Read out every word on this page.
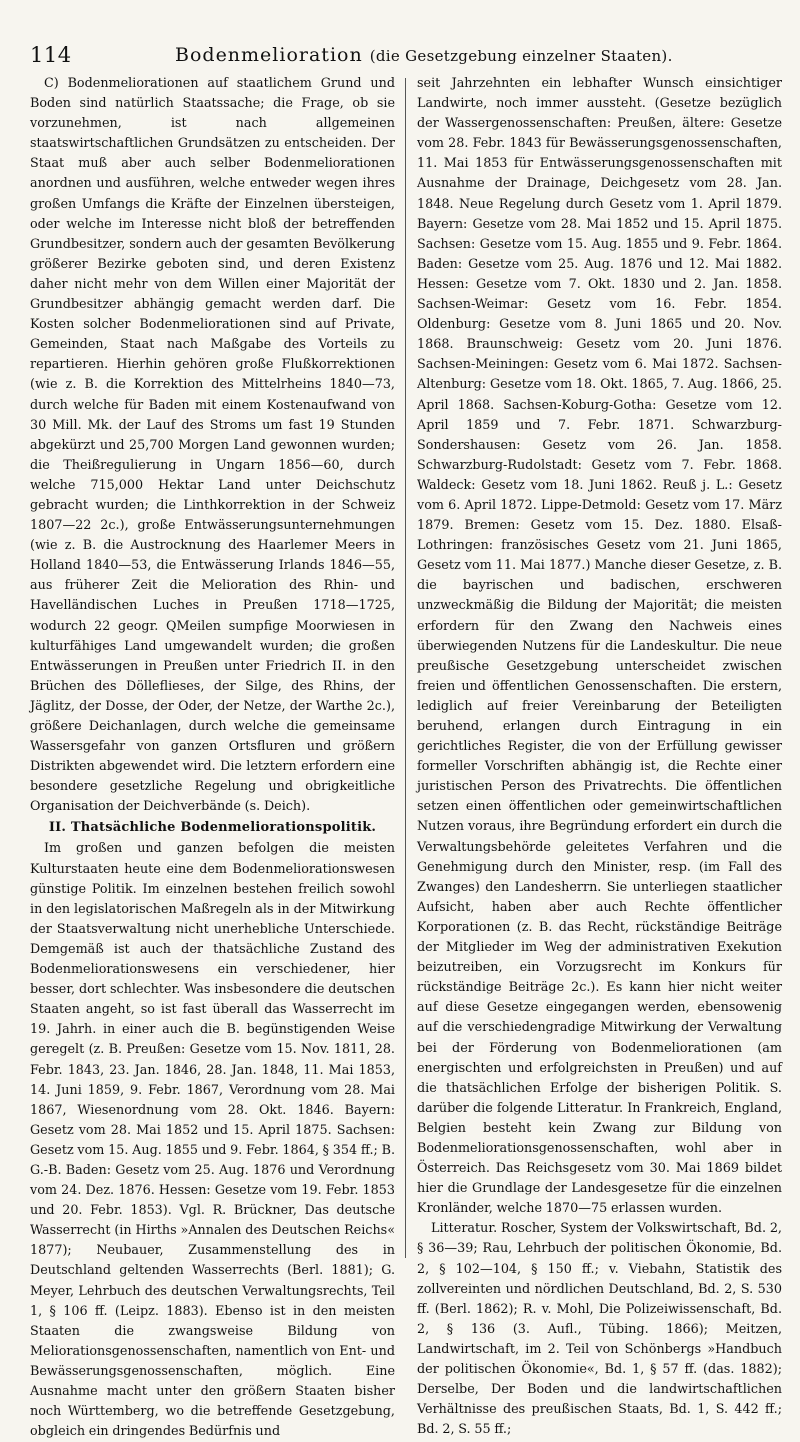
114	Bodenmelioration (die Gesetzgebung einzelner Staaten).

C) Bodenmeliorationen auf staatlichem Grund und Boden sind natürlich Staatssache; die Frage, ob sie vorzunehmen, ist nach allgemeinen staatswirtschaftlichen Grundsätzen zu entscheiden. Der Staat muß aber auch selber Bodenmeliorationen anordnen und ausführen, welche entweder wegen ihres großen Umfangs die Kräfte der Einzelnen übersteigen, oder welche im Interesse nicht bloß der betreffenden Grundbesitzer, sondern auch der gesamten Bevölkerung größerer Bezirke geboten sind, und deren Existenz daher nicht mehr von dem Willen einer Majorität der Grundbesitzer abhängig gemacht werden darf. Die Kosten solcher Bodenmeliorationen sind auf Private, Gemeinden, Staat nach Maßgabe des Vorteils zu repartieren. Hierhin gehören große Flußkorrektionen (wie z. B. die Korrektion des Mittelrheins 1840—73, durch welche für Baden mit einem Kostenaufwand von 30 Mill. Mk. der Lauf des Stroms um fast 19 Stunden abgekürzt und 25,700 Morgen Land gewonnen wurden; die Theißregulierung in Ungarn 1856—60, durch welche 715,000 Hektar Land unter Deichschutz gebracht wurden; die Linthkorrektion in der Schweiz 1807—22 2c.), große Entwässerungsunternehmungen (wie z. B. die Austrocknung des Haarlemer Meers in Holland 1840—53, die Entwässerung Irlands 1846—55, aus früherer Zeit die Melioration des Rhin- und Havelländischen Luches in Preußen 1718—1725, wodurch 22 geogr. QMeilen sumpfige Moorwiesen in kulturfähiges Land umgewandelt wurden; die großen Entwässerungen in Preußen unter Friedrich II. in den Brüchen des Dölleflieses, der Silge, des Rhins, der Jäglitz, der Dosse, der Oder, der Netze, der Warthe 2c.), größere Deichanlagen, durch welche die gemeinsame Wassersgefahr von ganzen Ortsfluren und größern Distrikten abgewendet wird. Die letztern erfordern eine besondere gesetzliche Regelung und obrigkeitliche Organisation der Deichverbände (s. Deich).

II. Thatsächliche Bodenmeliorationspolitik.

Im großen und ganzen befolgen die meisten Kulturstaaten heute eine dem Bodenmeliorationswesen günstige Politik. Im einzelnen bestehen freilich sowohl in den legislatorischen Maßregeln als in der Mitwirkung der Staatsverwaltung nicht unerhebliche Unterschiede. Demgemäß ist auch der thatsächliche Zustand des Bodenmeliorationswesens ein verschiedener, hier besser, dort schlechter. Was insbesondere die deutschen Staaten angeht, so ist fast überall das Wasserrecht im 19. Jahrh. in einer auch die B. begünstigenden Weise geregelt (z. B. Preußen: Gesetze vom 15. Nov. 1811, 28. Febr. 1843, 23. Jan. 1846, 28. Jan. 1848, 11. Mai 1853, 14. Juni 1859, 9. Febr. 1867, Verordnung vom 28. Mai 1867, Wiesenordnung vom 28. Okt. 1846. Bayern: Gesetz vom 28. Mai 1852 und 15. April 1875. Sachsen: Gesetz vom 15. Aug. 1855 und 9. Febr. 1864, § 354 ff.; B. G.-B. Baden: Gesetz vom 25. Aug. 1876 und Verordnung vom 24. Dez. 1876. Hessen: Gesetze vom 19. Febr. 1853 und 20. Febr. 1853). Vgl. R. Brückner, Das deutsche Wasserrecht (in Hirths »Annalen des Deutschen Reichs« 1877); Neubauer, Zusammenstellung des in Deutschland geltenden Wasserrechts (Berl. 1881); G. Meyer, Lehrbuch des deutschen Verwaltungsrechts, Teil 1, § 106 ff. (Leipz. 1883). Ebenso ist in den meisten Staaten die zwangsweise Bildung von Meliorationsgenossenschaften, namentlich von Ent- und Bewässerungsgenossenschaften, möglich. Eine Ausnahme macht unter den größern Staaten bisher noch Württemberg, wo die betreffende Gesetzgebung, obgleich ein dringendes Bedürfnis und

seit Jahrzehnten ein lebhafter Wunsch einsichtiger Landwirte, noch immer aussteht. (Gesetze bezüglich der Wassergenossenschaften: Preußen, ältere: Gesetze vom 28. Febr. 1843 für Bewässerungsgenossenschaften, 11. Mai 1853 für Entwässerungsgenossenschaften mit Ausnahme der Drainage, Deichgesetz vom 28. Jan. 1848. Neue Regelung durch Gesetz vom 1. April 1879. Bayern: Gesetze vom 28. Mai 1852 und 15. April 1875. Sachsen: Gesetze vom 15. Aug. 1855 und 9. Febr. 1864. Baden: Gesetze vom 25. Aug. 1876 und 12. Mai 1882. Hessen: Gesetze vom 7. Okt. 1830 und 2. Jan. 1858. Sachsen-Weimar: Gesetz vom 16. Febr. 1854. Oldenburg: Gesetze vom 8. Juni 1865 und 20. Nov. 1868. Braunschweig: Gesetz vom 20. Juni 1876. Sachsen-Meiningen: Gesetz vom 6. Mai 1872. Sachsen-Altenburg: Gesetze vom 18. Okt. 1865, 7. Aug. 1866, 25. April 1868. Sachsen-Koburg-Gotha: Gesetze vom 12. April 1859 und 7. Febr. 1871. Schwarzburg-Sondershausen: Gesetz vom 26. Jan. 1858. Schwarzburg-Rudolstadt: Gesetz vom 7. Febr. 1868. Waldeck: Gesetz vom 18. Juni 1862. Reuß j. L.: Gesetz vom 6. April 1872. Lippe-Detmold: Gesetz vom 17. März 1879. Bremen: Gesetz vom 15. Dez. 1880. Elsaß-Lothringen: französisches Gesetz vom 21. Juni 1865, Gesetz vom 11. Mai 1877.) Manche dieser Gesetze, z. B. die bayrischen und badischen, erschweren unzweckmäßig die Bildung der Majorität; die meisten erfordern für den Zwang den Nachweis eines überwiegenden Nutzens für die Landeskultur. Die neue preußische Gesetzgebung unterscheidet zwischen freien und öffentlichen Genossenschaften. Die erstern, lediglich auf freier Vereinbarung der Beteiligten beruhend, erlangen durch Eintragung in ein gerichtliches Register, die von der Erfüllung gewisser formeller Vorschriften abhängig ist, die Rechte einer juristischen Person des Privatrechts. Die öffentlichen setzen einen öffentlichen oder gemeinwirtschaftlichen Nutzen voraus, ihre Begründung erfordert ein durch die Verwaltungsbehörde geleitetes Verfahren und die Genehmigung durch den Minister, resp. (im Fall des Zwanges) den Landesherrn. Sie unterliegen staatlicher Aufsicht, haben aber auch Rechte öffentlicher Korporationen (z. B. das Recht, rückständige Beiträge der Mitglieder im Weg der administrativen Exekution beizutreiben, ein Vorzugsrecht im Konkurs für rückständige Beiträge 2c.). Es kann hier nicht weiter auf diese Gesetze eingegangen werden, ebensowenig auf die verschiedengradige Mitwirkung der Verwaltung bei der Förderung von Bodenmeliorationen (am energischten und erfolgreichsten in Preußen) und auf die thatsächlichen Erfolge der bisherigen Politik. S. darüber die folgende Litteratur. In Frankreich, England, Belgien besteht kein Zwang zur Bildung von Bodenmeliorationsgenossenschaften, wohl aber in Österreich. Das Reichsgesetz vom 30. Mai 1869 bildet hier die Grundlage der Landesgesetze für die einzelnen Kronländer, welche 1870—75 erlassen wurden.

Litteratur. Roscher, System der Volkswirtschaft, Bd. 2, § 36—39; Rau, Lehrbuch der politischen Ökonomie, Bd. 2, § 102—104, § 150 ff.; v. Viebahn, Statistik des zollvereinten und nördlichen Deutschland, Bd. 2, S. 530 ff. (Berl. 1862); R. v. Mohl, Die Polizeiwissenschaft, Bd. 2, § 136 (3. Aufl., Tübing. 1866); Meitzen, Landwirtschaft, im 2. Teil von Schönbergs »Handbuch der politischen Ökonomie«, Bd. 1, § 57 ff. (das. 1882); Derselbe, Der Boden und die landwirtschaftlichen Verhältnisse des preußischen Staats, Bd. 1, S. 442 ff.; Bd. 2, S. 55 ff.;
